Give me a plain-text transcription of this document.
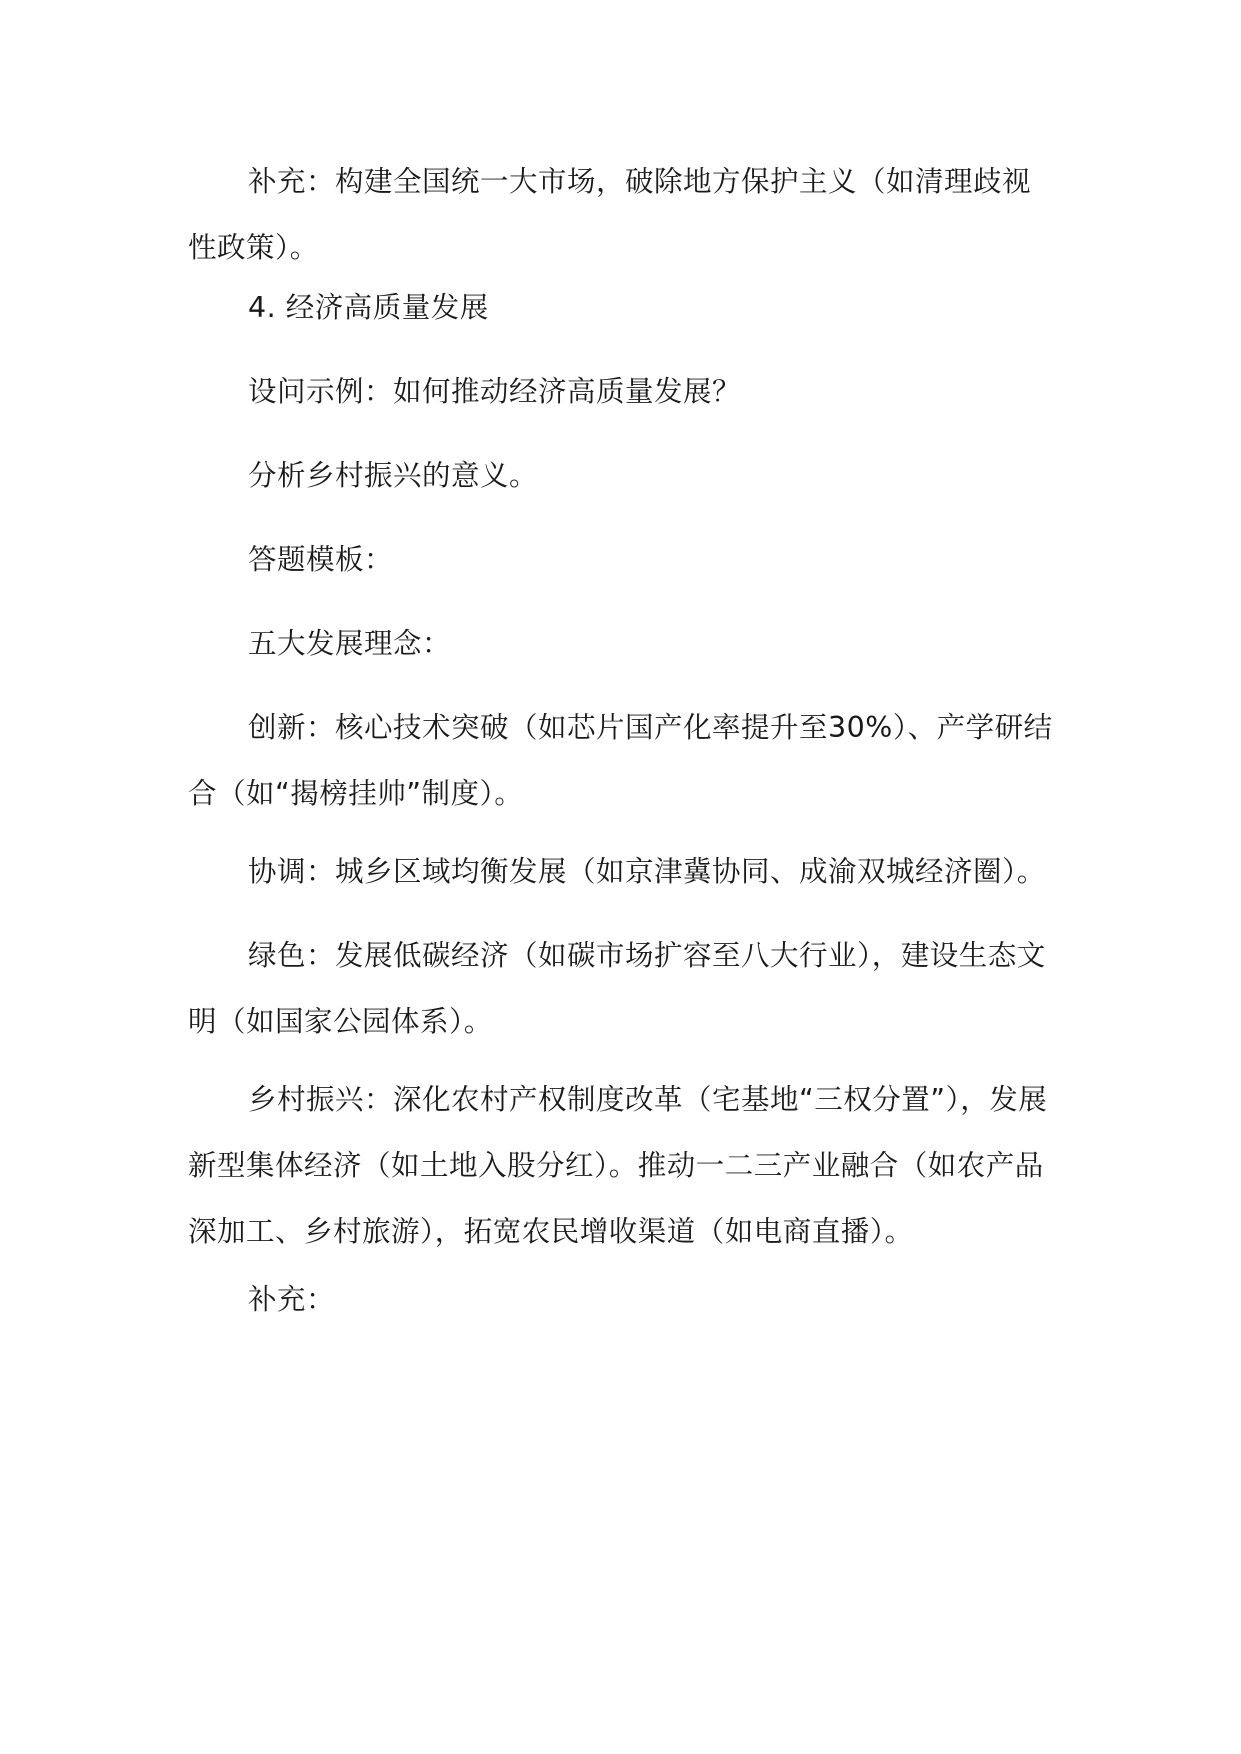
补充：构建全国统一大市场，破除地方保护主义（如清理歧视性政策）。

4. 经济高质量发展

设问示例：如何推动经济高质量发展？

分析乡村振兴的意义。

答题模板：

五大发展理念：

创新：核心技术突破（如芯片国产化率提升至30%）、产学研结合（如“揭榜挂帅”制度）。

协调：城乡区域均衡发展（如京津冀协同、成渝双城经济圈）。

绿色：发展低碳经济（如碳市场扩容至八大行业），建设生态文明（如国家公园体系）。

乡村振兴：深化农村产权制度改革（宅基地“三权分置”），发展新型集体经济（如土地入股分红）。推动一二三产业融合（如农产品深加工、乡村旅游），拓宽农民增收渠道（如电商直播）。

补充：
